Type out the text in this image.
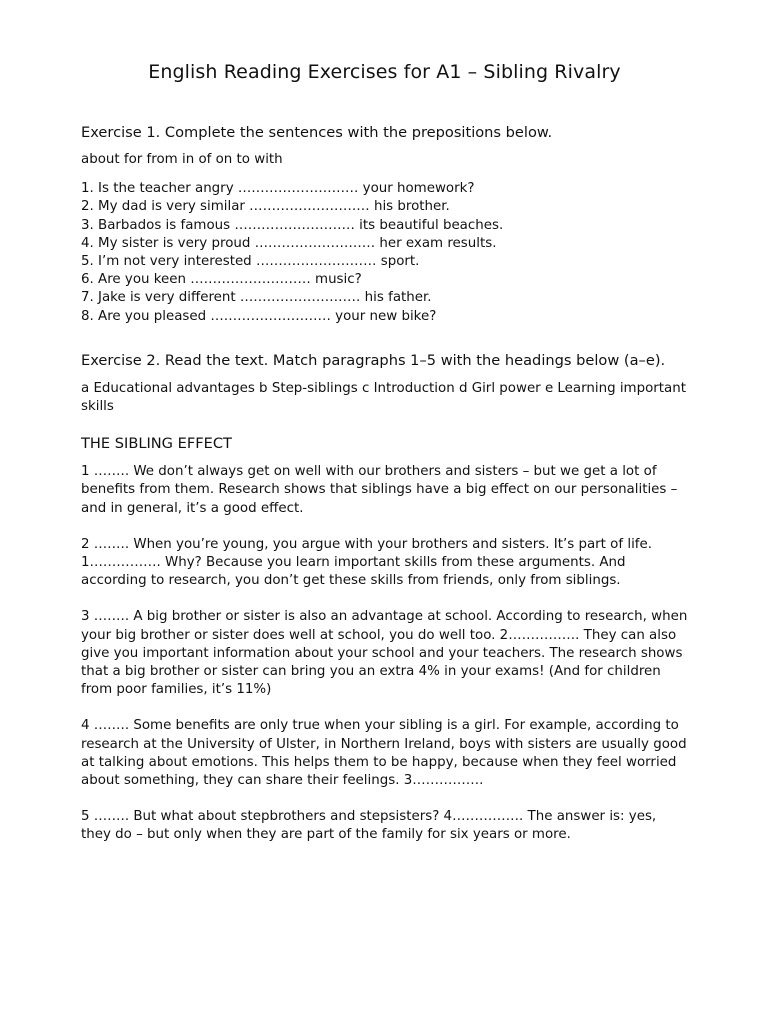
English Reading Exercises for A1 – Sibling Rivalry

Exercise 1. Complete the sentences with the prepositions below.

about for from in of on to with

1. Is the teacher angry ……………………… your homework?
2. My dad is very similar ……………………… his brother.
3. Barbados is famous ……………………… its beautiful beaches.
4. My sister is very proud ……………………… her exam results.
5. I’m not very interested ……………………… sport.
6. Are you keen ……………………… music?
7. Jake is very different ……………………… his father.
8. Are you pleased ……………………… your new bike?

Exercise 2. Read the text. Match paragraphs 1–5 with the headings below (a–e).

a Educational advantages b Step-siblings c Introduction d Girl power e Learning important skills

THE SIBLING EFFECT

1 …….. We don’t always get on well with our brothers and sisters – but we get a lot of benefits from them. Research shows that siblings have a big effect on our personalities – and in general, it’s a good effect.

2 …….. When you’re young, you argue with your brothers and sisters. It’s part of life. 1……………. Why? Because you learn important skills from these arguments. And according to research, you don’t get these skills from friends, only from siblings.

3 …….. A big brother or sister is also an advantage at school. According to research, when your big brother or sister does well at school, you do well too. 2……………. They can also give you important information about your school and your teachers. The research shows that a big brother or sister can bring you an extra 4% in your exams! (And for children from poor families, it’s 11%)

4 …….. Some benefits are only true when your sibling is a girl. For example, according to research at the University of Ulster, in Northern Ireland, boys with sisters are usually good at talking about emotions. This helps them to be happy, because when they feel worried about something, they can share their feelings. 3…………….

5 …….. But what about stepbrothers and stepsisters? 4……………. The answer is: yes, they do – but only when they are part of the family for six years or more.
